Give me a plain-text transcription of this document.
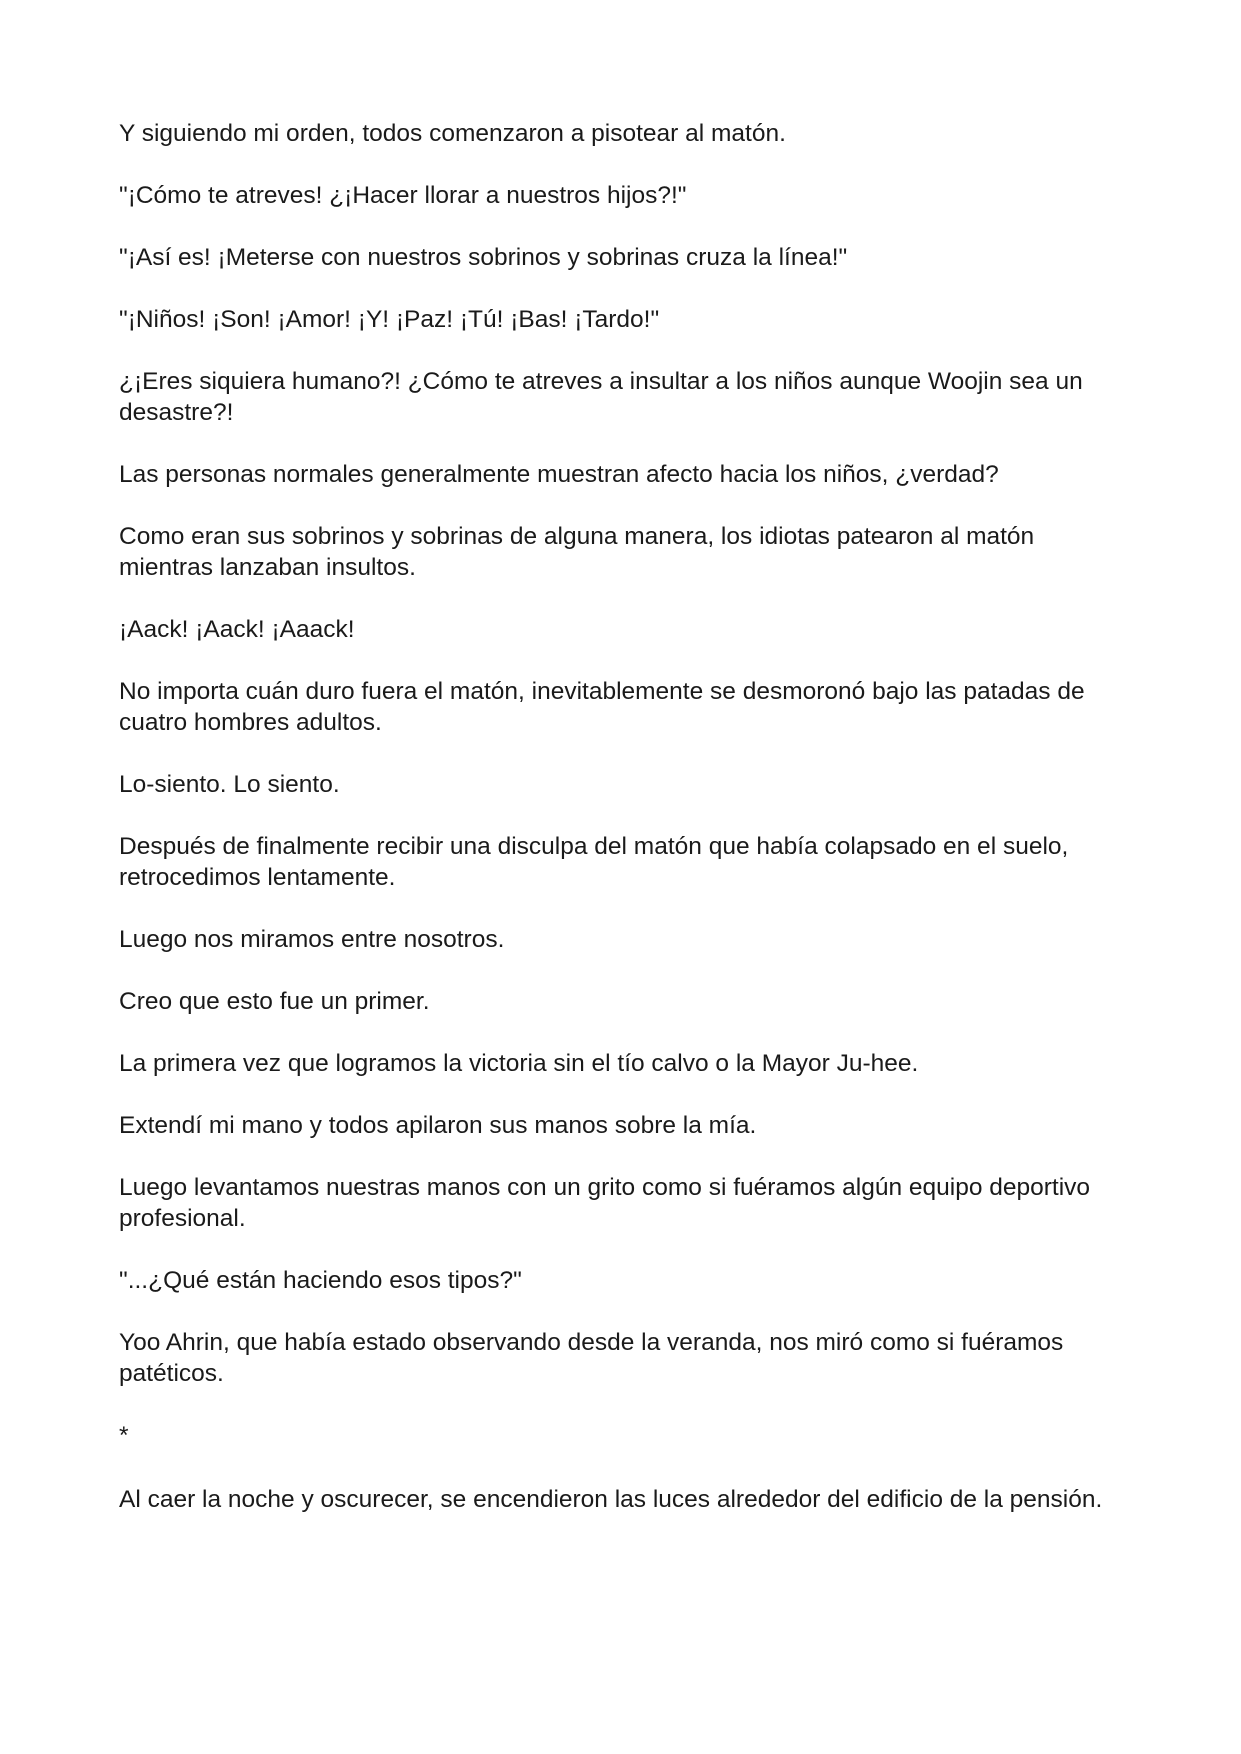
Y siguiendo mi orden, todos comenzaron a pisotear al matón.

"¡Cómo te atreves! ¿¡Hacer llorar a nuestros hijos?!"

"¡Así es! ¡Meterse con nuestros sobrinos y sobrinas cruza la línea!"

"¡Niños! ¡Son! ¡Amor! ¡Y! ¡Paz! ¡Tú! ¡Bas! ¡Tardo!"

¿¡Eres siquiera humano?! ¿Cómo te atreves a insultar a los niños aunque Woojin sea un desastre?!

Las personas normales generalmente muestran afecto hacia los niños, ¿verdad?

Como eran sus sobrinos y sobrinas de alguna manera, los idiotas patearon al matón mientras lanzaban insultos.

¡Aack! ¡Aack! ¡Aaack!

No importa cuán duro fuera el matón, inevitablemente se desmoronó bajo las patadas de cuatro hombres adultos.

Lo-siento. Lo siento.

Después de finalmente recibir una disculpa del matón que había colapsado en el suelo, retrocedimos lentamente.

Luego nos miramos entre nosotros.

Creo que esto fue un primer.

La primera vez que logramos la victoria sin el tío calvo o la Mayor Ju-hee.

Extendí mi mano y todos apilaron sus manos sobre la mía.

Luego levantamos nuestras manos con un grito como si fuéramos algún equipo deportivo profesional.

"...¿Qué están haciendo esos tipos?"

Yoo Ahrin, que había estado observando desde la veranda, nos miró como si fuéramos patéticos.

*

Al caer la noche y oscurecer, se encendieron las luces alrededor del edificio de la pensión.
